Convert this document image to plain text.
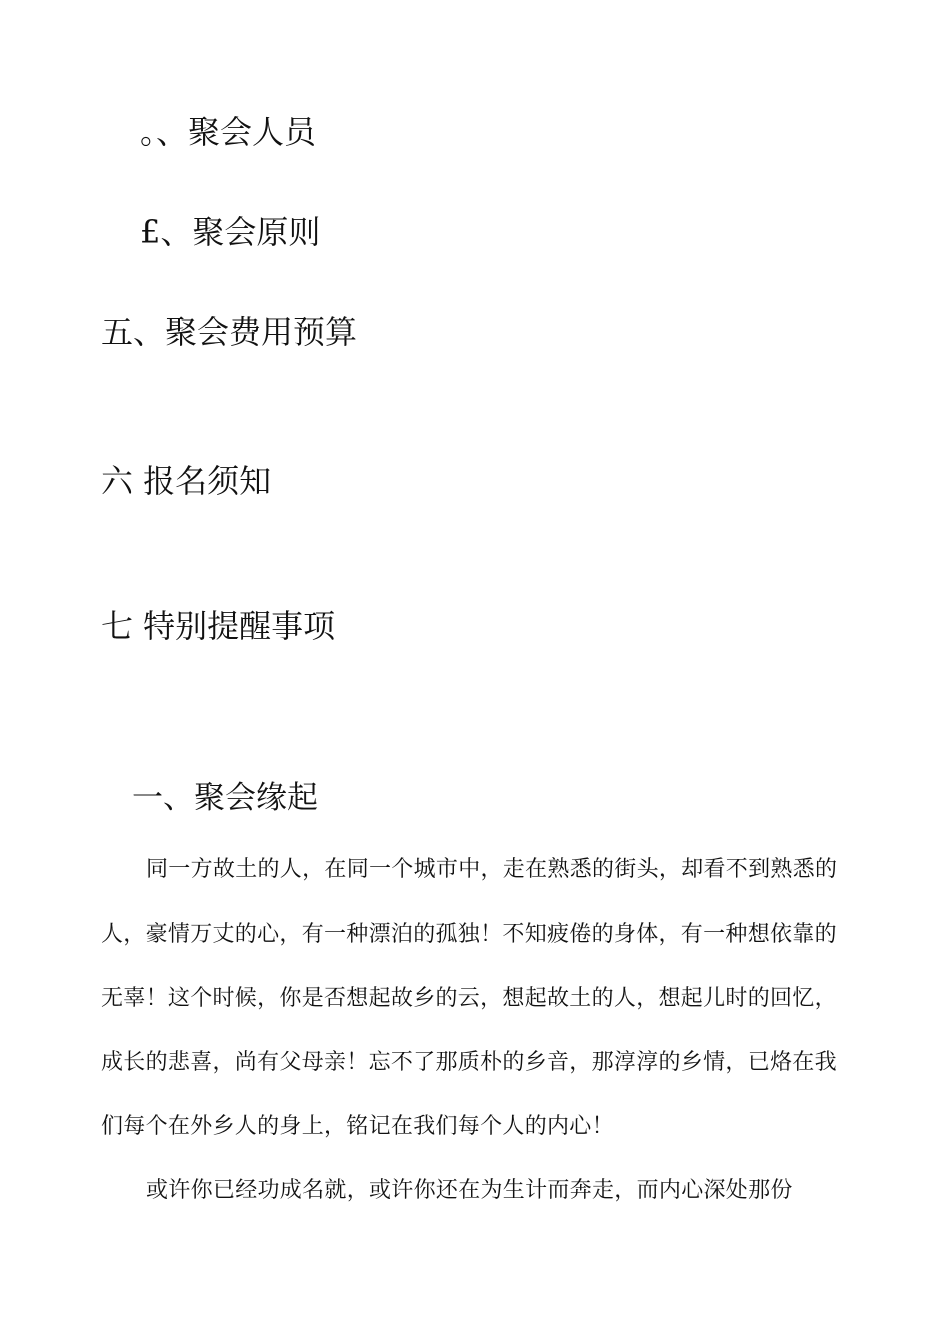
。、聚会人员
£、聚会原则
五、聚会费用预算
六 报名须知
七 特别提醒事项
一、聚会缘起

同一方故土的人，在同一个城市中，走在熟悉的街头，却看不到熟悉的

人，豪情万丈的心，有一种漂泊的孤独！不知疲倦的身体，有一种想依靠的

无辜！这个时候，你是否想起故乡的云，想起故土的人，想起儿时的回忆，

成长的悲喜，尚有父母亲！忘不了那质朴的乡音，那淳淳的乡情，已烙在我

们每个在外乡人的身上，铭记在我们每个人的内心！

或许你已经功成名就，或许你还在为生计而奔走，而内心深处那份
